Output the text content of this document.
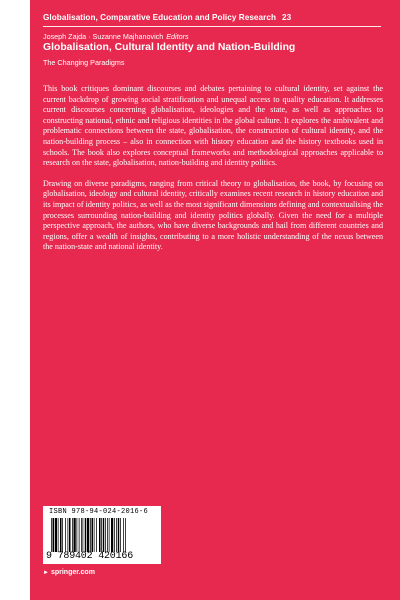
Globalisation, Comparative Education and Policy Research 23
Joseph Zajda · Suzanne Majhanovich Editors
Globalisation, Cultural Identity and Nation-Building
The Changing Paradigms

This book critiques dominant discourses and debates pertaining to cultural identity, set against the current backdrop of growing social stratification and unequal access to quality education. It addresses current discourses concerning globalisation, ideologies and the state, as well as approaches to constructing national, ethnic and religious identities in the global culture. It explores the ambivalent and problematic connections between the state, globalisation, the construction of cultural identity, and the nation-building process – also in connection with history education and the history textbooks used in schools. The book also explores conceptual frameworks and methodological approaches applicable to research on the state, globalisation, nation-building and identity politics.

Drawing on diverse paradigms, ranging from critical theory to globalisation, the book, by focusing on globalisation, ideology and cultural identity, critically examines recent research in history education and its impact of identity politics, as well as the most significant dimensions defining and contextualising the processes surrounding nation-building and identity politics globally. Given the need for a multiple perspective approach, the authors, who have diverse backgrounds and hail from different countries and regions, offer a wealth of insights, contributing to a more holistic understanding of the nexus between the nation-state and national identity.

ISBN 978-94-024-2016-6
9 789402 420166
► springer.com
